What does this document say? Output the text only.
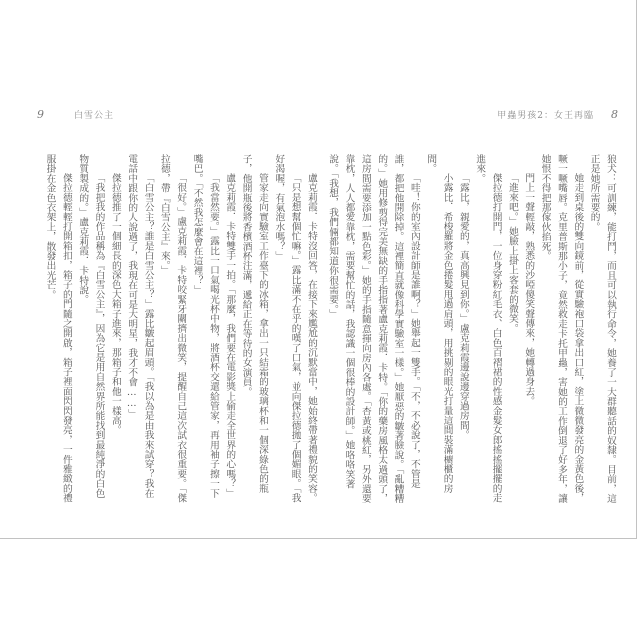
甲蟲男孩2：女王再臨 8

狼犬：可訓練，能打鬥，而且可以執行命令，她養了一大群聽話的奴隸。目前，這正是她所需要的。

她走到桌後的雙向鏡前，從實驗袍口袋拿出口紅，塗上微微發亮的金黃色後，噘一噘嘴唇。克里普斯那小子，竟然救走卡托甲蟲，害她的工作倒退了好多年，讓她恨不得把那傢伙掐死。

門上一聲輕敲，熟悉的沙啞傻笑聲傳來，她轉過身去。

「進來吧。」她臉上掛上客套的微笑。

傑拉德打開門，一位身穿粉紅毛衣、白色百褶裙的性感金髮女郎搖搖擺擺的走進來。

「露比，親愛的，真高興見到你。」盧克莉霞邊說邊穿過房間。

小露比．希梭羅將金色捲髮甩過肩頭，用挑剔的眼光打量這間裝滿櫥櫃的房間。

「哇！你的室內設計師是誰啊？」她舉起一雙手。「不，不必說了，不管是誰，都把他開除掉。這裡簡直就像科學實驗室一樣。」她厭惡的皺著臉說。「亂糟糟的。」她用修剪得完美無缺的手指指著盧克莉霞．卡特。「你的藥房風格太過頭了，這房間需要添加一點色彩。」她的手指隨意揮向房內各處。「杏黃或桃紅，另外還要靠枕，人人都愛靠枕，需要幫忙的話，我認識一個很棒的設計師。」她咯咯笑著說。「我想，我們倆都知道你很需要。」

9	白雪公主

盧克莉霞．卡特沒回答，在接下來尷尬的沉默當中，她始終帶著禮貌的笑容。

「只是想幫個忙嘛。」露比滿不在乎的嘆了口氣，並向傑拉德拋了個媚眼。「我好渴喔，有氣泡水嗎？」

管家走向實驗室工作臺下的冰箱，拿出一只結霜的玻璃杯和一個深綠色的瓶子，他開瓶後將香檳酒杯注滿，遞給正在等待的女演員。

盧克莉霞．卡特雙手一拍。「那麼，我們要在電影獎上偷走全世界的心嗎？」

「我當然要。」露比一口氣喝光杯中物，將酒杯交還給管家，再用袖子擦一下嘴巴。「不然我怎麼會在這裡？」

「很好。」盧克莉霞．卡特咬緊牙關擠出微笑，提醒自己這次試衣很重要。「傑拉德，帶『白雪公主』來。」

「白雪公主？誰是白雪公主？」露比皺起眉頭。「我以為是由我來試穿？我在電話中跟你的人說過了，我現在可是大明星，我才不會……」

傑拉德推了一個細長的深色大箱子進來，那箱子和他一樣高。

「我把我的作品稱為『白雪公主』，因為它是用自然界所能找到最純淨的白色物質製成的。」盧克莉霞．卡特說。

傑拉德輕輕打開箱扣，箱子的門隨之開啟，箱子裡面閃閃發亮，一件雅緻的禮服掛在金色衣架上，散發出光芒。
